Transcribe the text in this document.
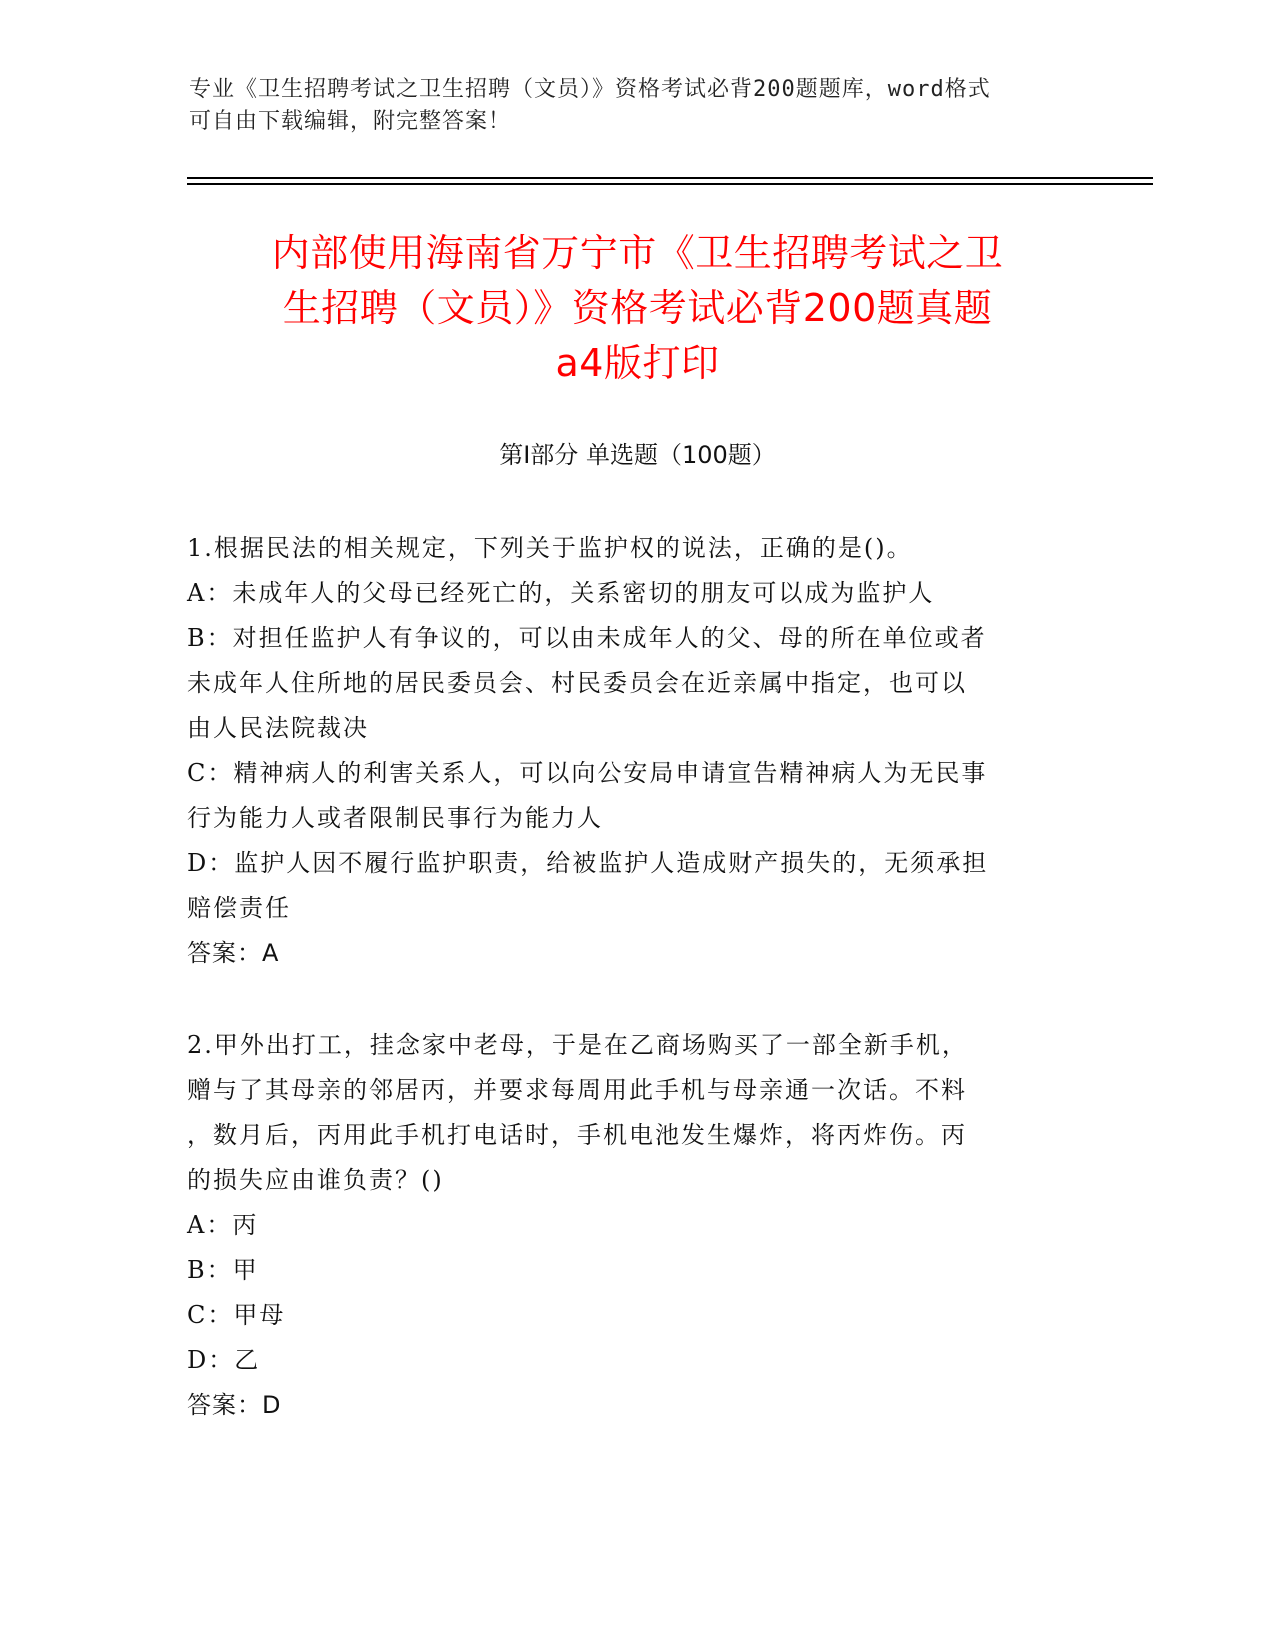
专业《卫生招聘考试之卫生招聘（文员）》资格考试必背200题题库，word格式
可自由下载编辑，附完整答案！
内部使用海南省万宁市《卫生招聘考试之卫
生招聘（文员）》资格考试必背200题真题
a4版打印
第Ⅰ部分 单选题（100题）
1.根据民法的相关规定，下列关于监护权的说法，正确的是()。
A：未成年人的父母已经死亡的，关系密切的朋友可以成为监护人
B：对担任监护人有争议的，可以由未成年人的父、母的所在单位或者
未成年人住所地的居民委员会、村民委员会在近亲属中指定，也可以
由人民法院裁决
C：精神病人的利害关系人，可以向公安局申请宣告精神病人为无民事
行为能力人或者限制民事行为能力人
D：监护人因不履行监护职责，给被监护人造成财产损失的，无须承担
赔偿责任
答案：A
2.甲外出打工，挂念家中老母，于是在乙商场购买了一部全新手机，
赠与了其母亲的邻居丙，并要求每周用此手机与母亲通一次话。不料
，数月后，丙用此手机打电话时，手机电池发生爆炸，将丙炸伤。丙
的损失应由谁负责？()
A：丙
B：甲
C：甲母
D：乙
答案：D
